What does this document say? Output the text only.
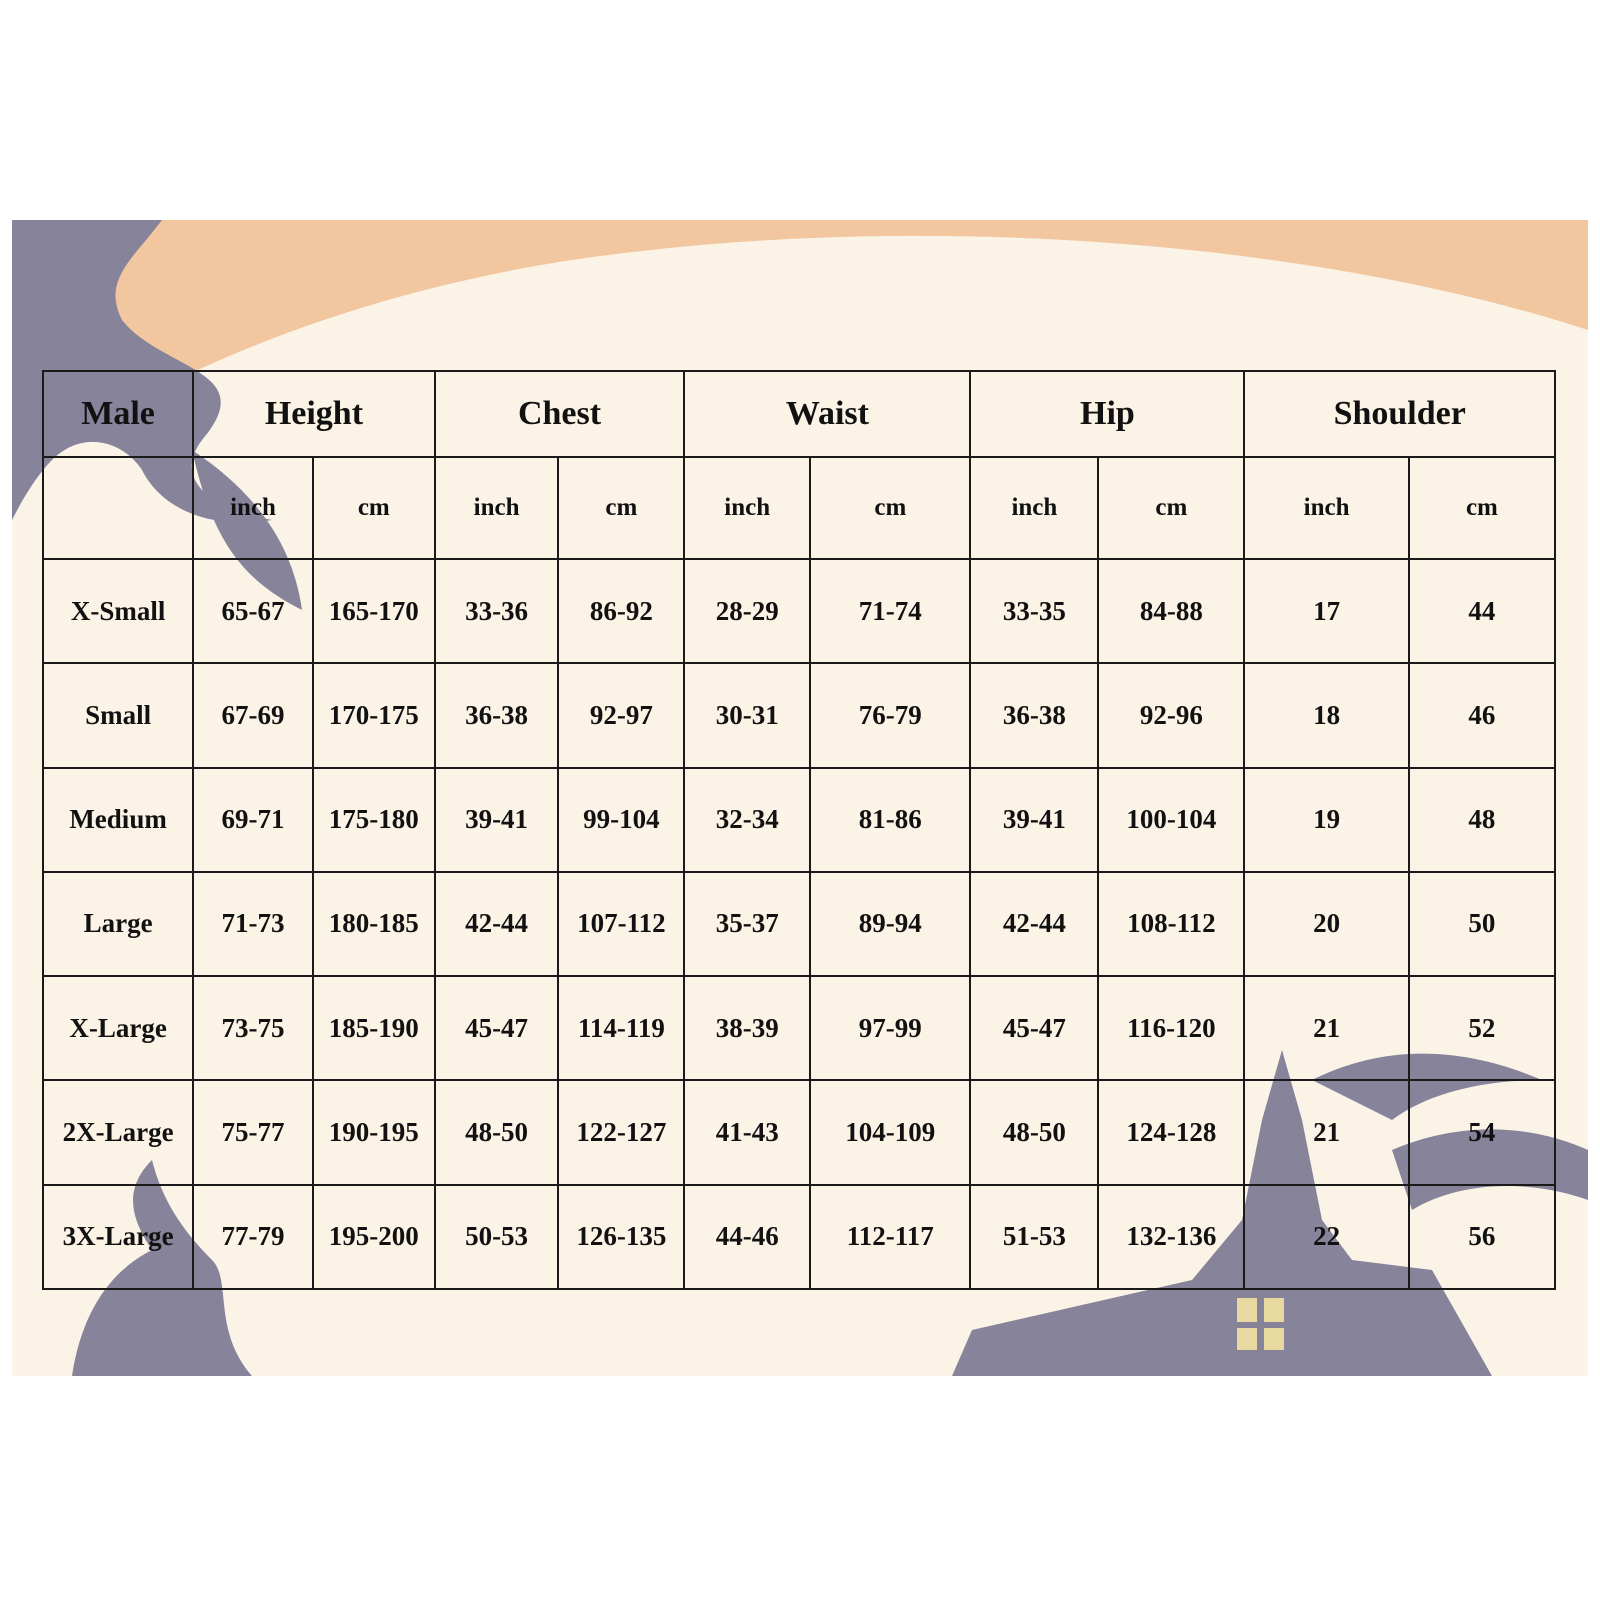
Male	Height		Chest		Waist		Hip		Shoulder	
	inch	cm	inch	cm	inch	cm	inch	cm	inch	cm
X-Small	65-67	165-170	33-36	86-92	28-29	71-74	33-35	84-88	17	44
Small	67-69	170-175	36-38	92-97	30-31	76-79	36-38	92-96	18	46
Medium	69-71	175-180	39-41	99-104	32-34	81-86	39-41	100-104	19	48
Large	71-73	180-185	42-44	107-112	35-37	89-94	42-44	108-112	20	50
X-Large	73-75	185-190	45-47	114-119	38-39	97-99	45-47	116-120	21	52
2X-Large	75-77	190-195	48-50	122-127	41-43	104-109	48-50	124-128	21	54
3X-Large	77-79	195-200	50-53	126-135	44-46	112-117	51-53	132-136	22	56
